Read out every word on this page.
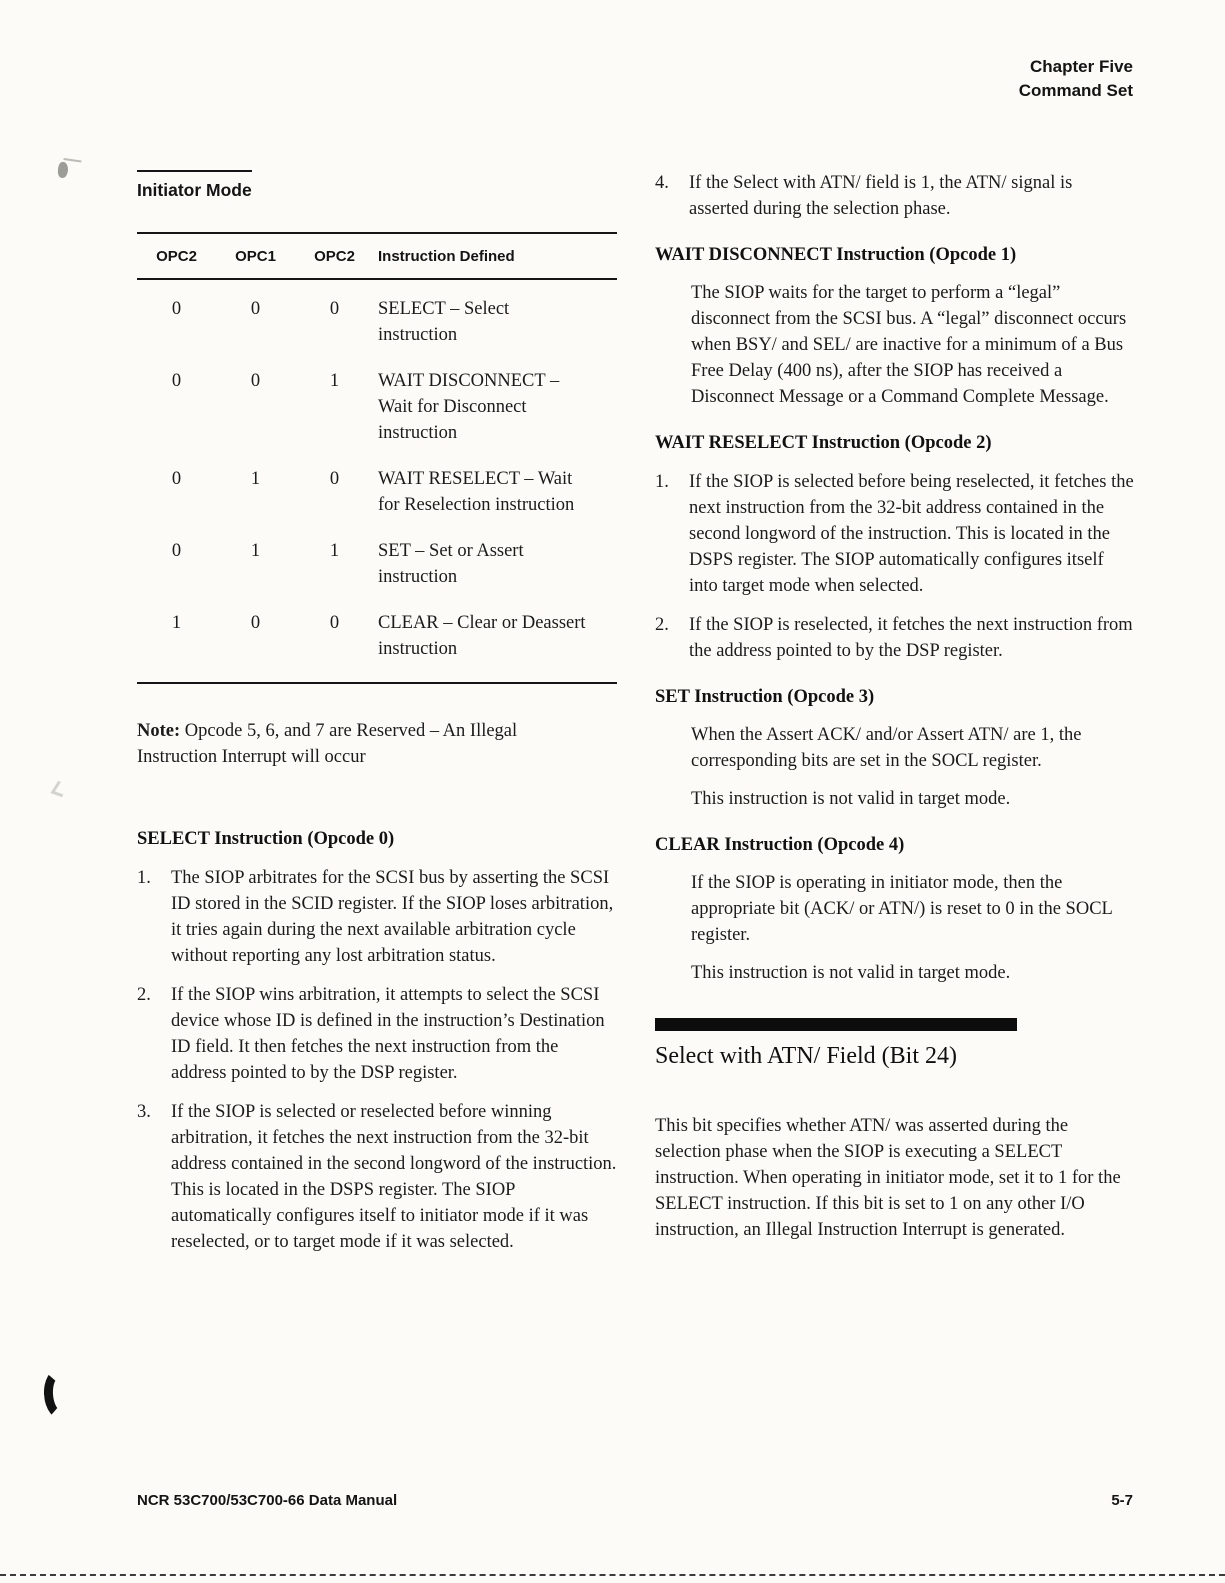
Chapter Five
Command Set
Initiator Mode
OPC2	OPC1	OPC2	Instruction Defined
0	0	0	SELECT – Select instruction
0	0	1	WAIT DISCONNECT – Wait for Disconnect instruction
0	1	0	WAIT RESELECT – Wait for Reselection instruction
0	1	1	SET – Set or Assert instruction
1	0	0	CLEAR – Clear or Deassert instruction

Note: Opcode 5, 6, and 7 are Reserved – An Illegal Instruction Interrupt will occur

SELECT Instruction (Opcode 0)
1.	The SIOP arbitrates for the SCSI bus by asserting the SCSI ID stored in the SCID register. If the SIOP loses arbitration, it tries again during the next available arbitration cycle without reporting any lost arbitration status.
2.	If the SIOP wins arbitration, it attempts to select the SCSI device whose ID is defined in the instruction’s Destination ID field. It then fetches the next instruction from the address pointed to by the DSP register.
3.	If the SIOP is selected or reselected before winning arbitration, it fetches the next instruction from the 32-bit address contained in the second longword of the instruction. This is located in the DSPS register. The SIOP automatically configures itself to initiator mode if it was reselected, or to target mode if it was selected.
4.	If the Select with ATN/ field is 1, the ATN/ signal is asserted during the selection phase.
WAIT DISCONNECT Instruction (Opcode 1)

The SIOP waits for the target to perform a “legal” disconnect from the SCSI bus. A “legal” disconnect occurs when BSY/ and SEL/ are inactive for a minimum of a Bus Free Delay (400 ns), after the SIOP has received a Disconnect Message or a Command Complete Message.

WAIT RESELECT Instruction (Opcode 2)
1.	If the SIOP is selected before being reselected, it fetches the next instruction from the 32-bit address contained in the second longword of the instruction. This is located in the DSPS register. The SIOP automatically configures itself into target mode when selected.
2.	If the SIOP is reselected, it fetches the next instruction from the address pointed to by the DSP register.
SET Instruction (Opcode 3)

When the Assert ACK/ and/or Assert ATN/ are 1, the corresponding bits are set in the SOCL register.

This instruction is not valid in target mode.

CLEAR Instruction (Opcode 4)

If the SIOP is operating in initiator mode, then the appropriate bit (ACK/ or ATN/) is reset to 0 in the SOCL register.

This instruction is not valid in target mode.

Select with ATN/ Field (Bit 24)

This bit specifies whether ATN/ was asserted during the selection phase when the SIOP is executing a SELECT instruction. When operating in initiator mode, set it to 1 for the SELECT instruction. If this bit is set to 1 on any other I/O instruction, an Illegal Instruction Interrupt is generated.

NCR 53C700/53C700-66 Data Manual	5-7
